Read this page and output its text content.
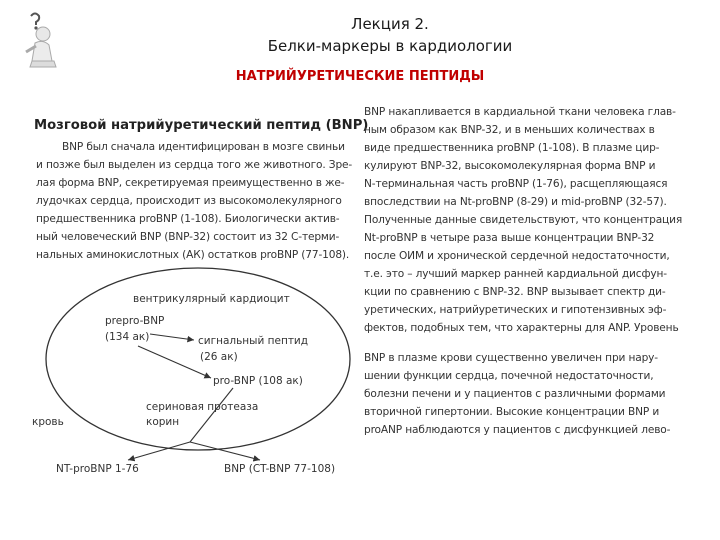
Лекция 2.
Белки-маркеры в кардиологии
НАТРИЙУРЕТИЧЕСКИЕ ПЕПТИДЫ
Мозговой натрийуретический пептид (BNP)
BNP был сначала идентифицирован в мозге свиньи
и позже был выделен из сердца того же животного. Зре-
лая форма BNP, секретируемая преимущественно в же-
лудочках сердца, происходит из высокомолекулярного
предшественника proBNP (1-108). Биологически актив-
ный человеческий BNP (BNP-32) состоит из 32 С-терми-
нальных аминокислотных (АК) остатков proBNP (77-108).
BNP накапливается в кардиальной ткани человека глав-
ным образом как BNP-32, и в меньших количествах в
виде предшественника proBNP (1-108). В плазме цир-
кулируют BNP-32, высокомолекулярная форма BNP и
N-терминальная часть proBNP (1-76), расщепляющаяся
впоследствии на Nt-proBNP (8-29) и mid-proBNP (32-57).
Полученные данные свидетельствуют, что концентрация
Nt-proBNP в четыре раза выше концентрации BNP-32
после ОИМ и хронической сердечной недостаточности,
т.е. это – лучший маркер ранней кардиальной дисфун-
кции по сравнению с BNP-32. BNP вызывает спектр ди-
уретических, натрийуретических и гипотензивных эф-
фектов, подобных тем, что характерны для ANP. Уровень
BNP в плазме крови существенно увеличен при нару-
шении функции сердца, почечной недостаточности,
болезни печени и у пациентов с различными формами
вторичной гипертонии. Высокие концентрации BNP и
proANP наблюдаются у пациентов с дисфункцией лево-
вентрикулярный кардиоцит
prepro-BNP
(134 ак)	сигнальный пептид
(26 ак)
pro-BNP (108 ак)
сериновая протеаза
корин
кровь
NT-proBNP 1-76	BNP (CT-BNP 77-108)
